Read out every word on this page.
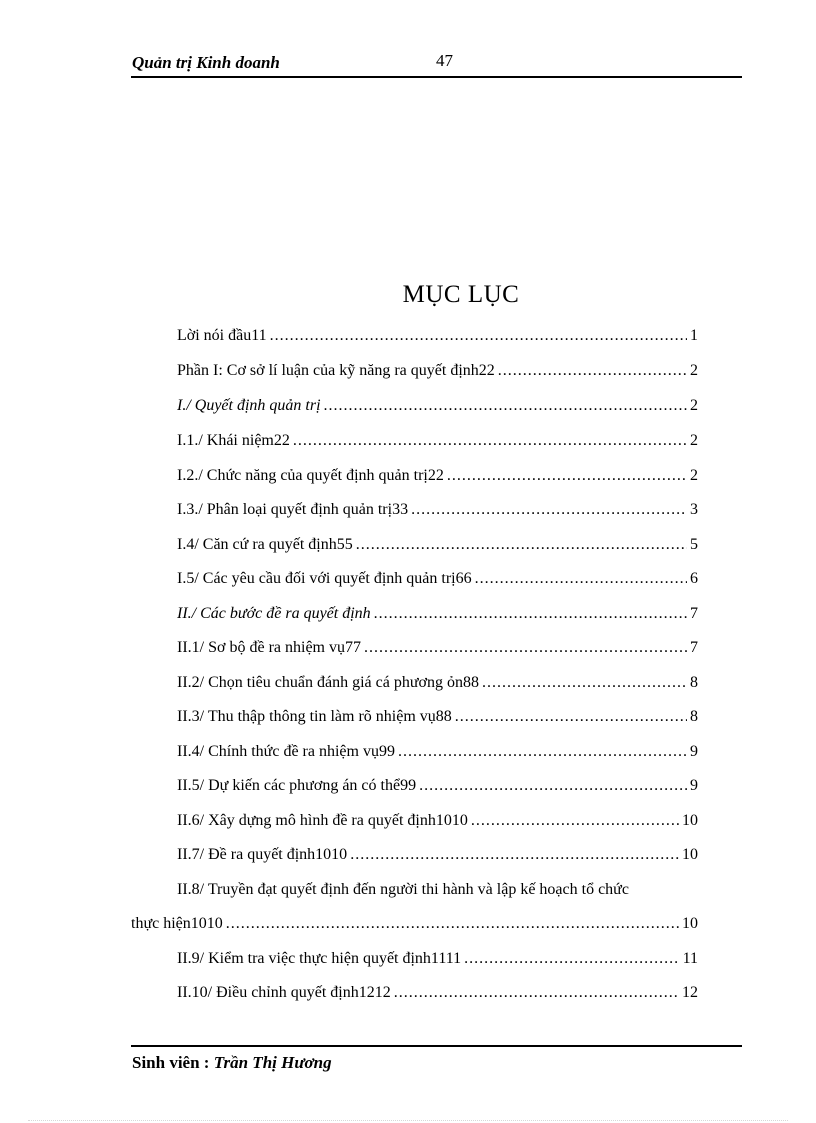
Quản trị Kinh doanh	47
MỤC LỤC
Lời nói đầu11 .....	1
Phần I: Cơ sở lí luận của kỹ năng ra quyết định22 .....	2
I./ Quyết định quản trị .....	2
I.1./ Khái niệm22 .....	2
I.2./ Chức năng của quyết định quản trị22 .....	2
I.3./ Phân loại quyết định quản trị33 .....	3
I.4/ Căn cứ ra quyết định55 .....	5
I.5/ Các yêu cầu đối với quyết định quản trị66 .....	6
II./ Các bước đề ra quyết định .....	7
II.1/ Sơ bộ đề ra nhiệm vụ77 .....	7
II.2/ Chọn tiêu chuẩn đánh giá cá phương ỏn88 .....	8
II.3/ Thu thập thông tin làm rõ nhiệm vụ88 .....	8
II.4/ Chính thức đề ra nhiệm vụ99 .....	9
II.5/ Dự kiến các phương án có thể99 .....	9
II.6/ Xây dựng mô hình đề ra quyết định1010 .....	10
II.7/ Đề ra quyết định1010 .....	10
II.8/ Truyền đạt quyết định đến người thi hành và lập kế hoạch tổ chức
thực hiện1010 .....	10
II.9/ Kiểm tra việc thực hiện quyết định1111 .....	11
II.10/ Điều chỉnh quyết định1212 .....	12
Sinh viên : Trần Thị Hương
